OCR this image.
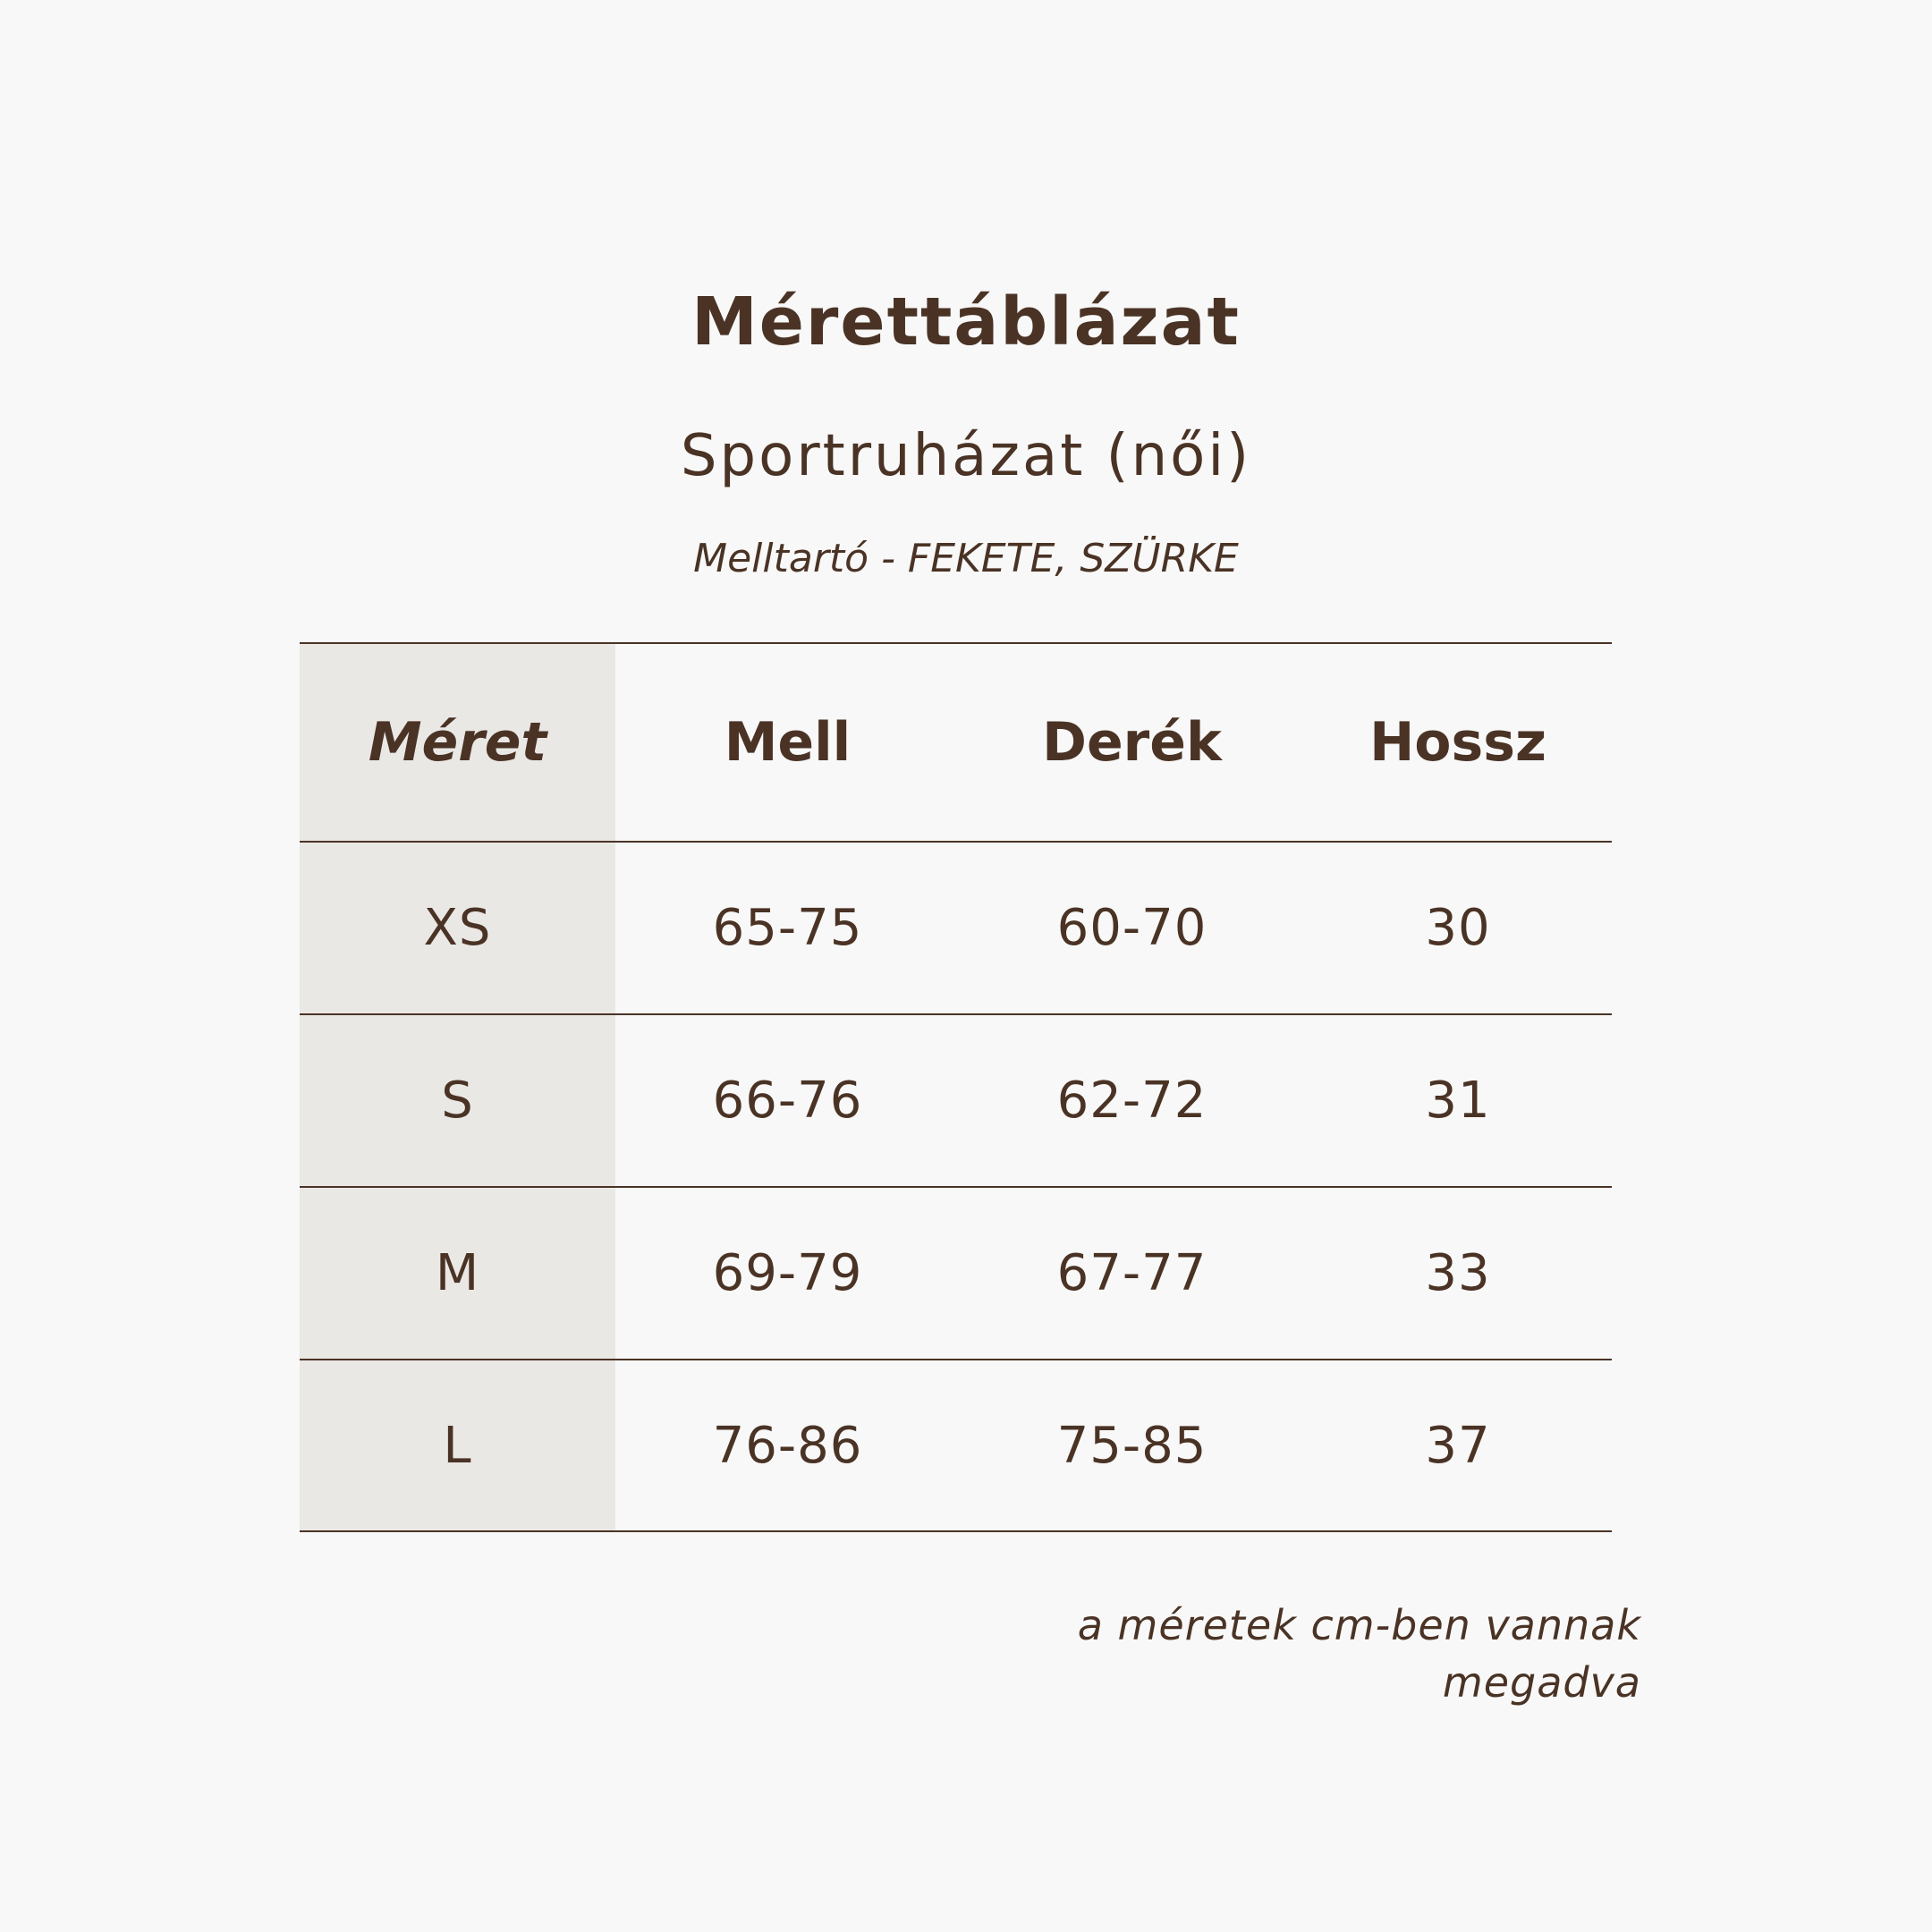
Mérettáblázat
Sportruházat (női)
Melltartó - FEKETE, SZÜRKE
Méret	Mell	Derék	Hossz
XS	65-75	60-70	30
S	66-76	62-72	31
M	69-79	67-77	33
L	76-86	75-85	37
a méretek cm-ben vannak megadva
